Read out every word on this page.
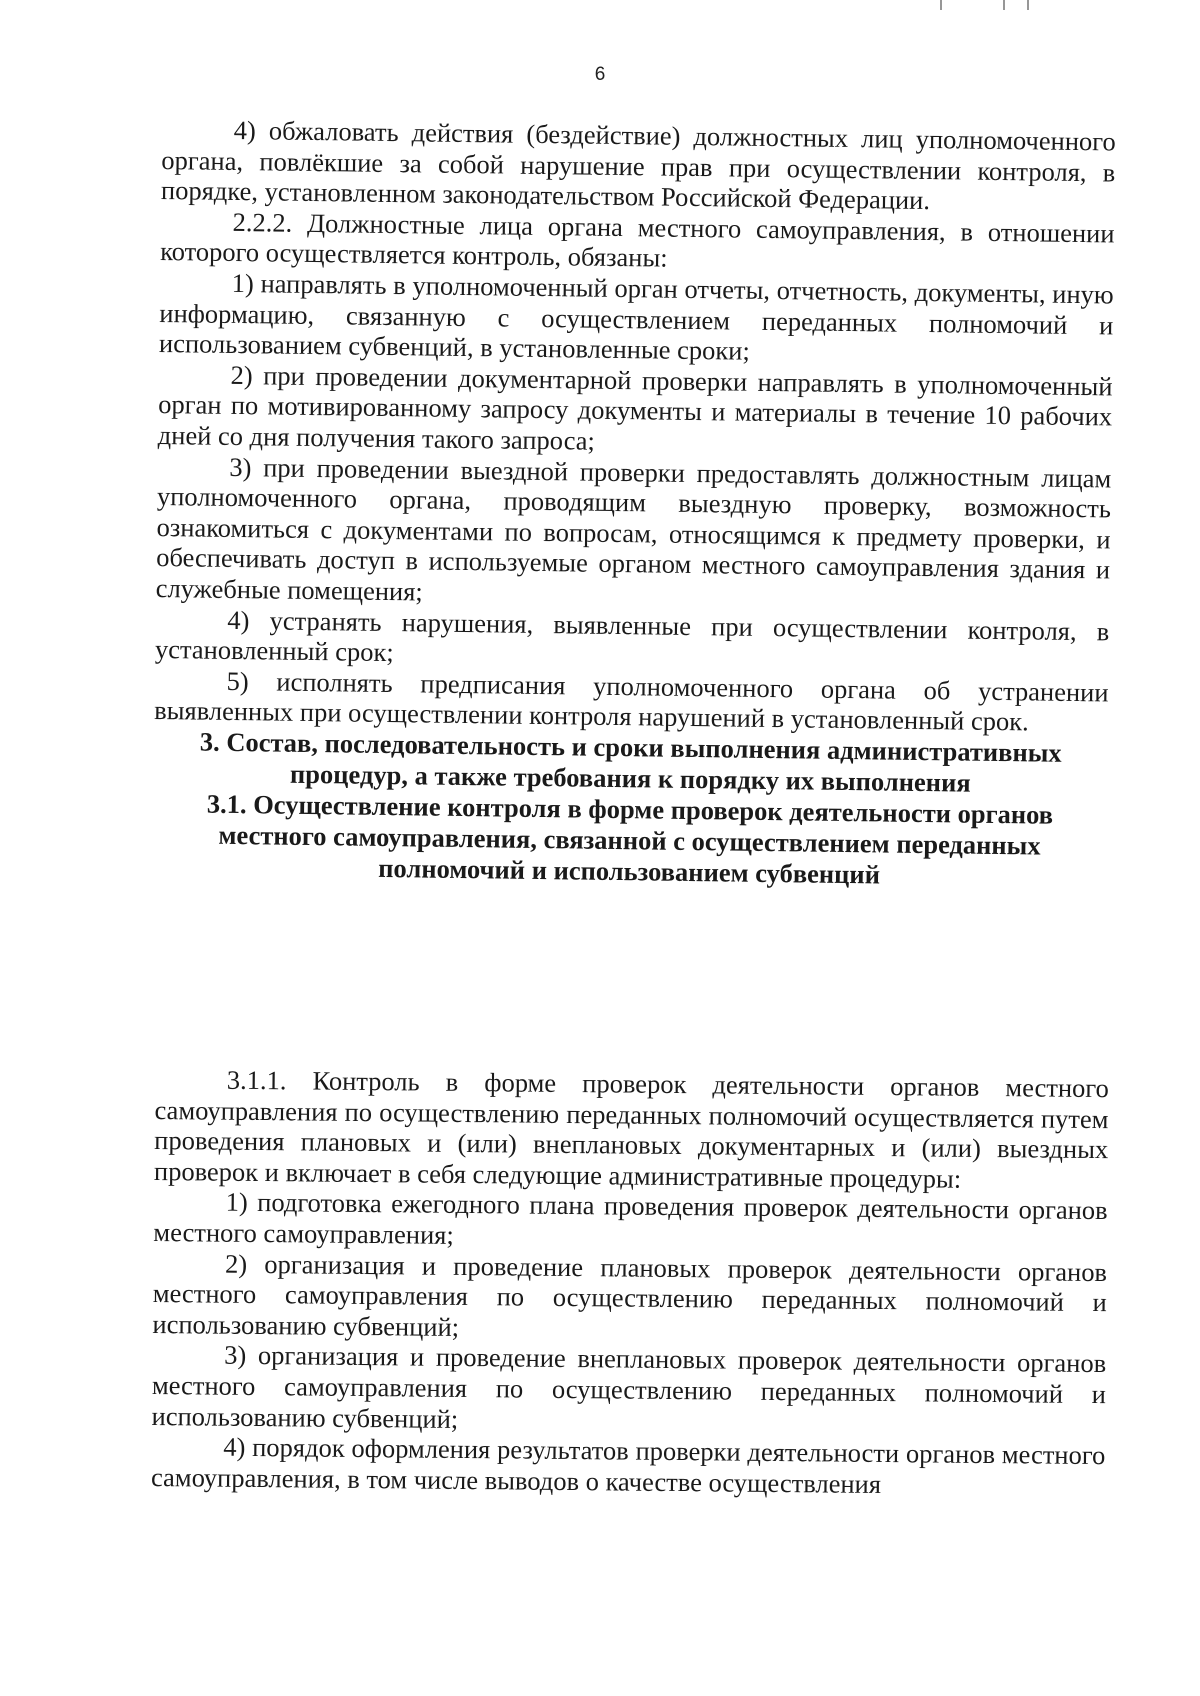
6

4) обжаловать действия (бездействие) должностных лиц уполномоченного органа, повлёкшие за собой нарушение прав при осуществлении контроля, в порядке, установленном законодательством Российской Федерации.

2.2.2. Должностные лица органа местного самоуправления, в отношении которого осуществляется контроль, обязаны:

1) направлять в уполномоченный орган отчеты, отчетность, документы, иную информацию, связанную с осуществлением переданных полномочий и использованием субвенций, в установленные сроки;

2) при проведении документарной проверки направлять в уполномоченный орган по мотивированному запросу документы и материалы в течение 10 рабочих дней со дня получения такого запроса;

3) при проведении выездной проверки предоставлять должностным лицам уполномоченного органа, проводящим выездную проверку, возможность ознакомиться с документами по вопросам, относящимся к предмету проверки, и обеспечивать доступ в используемые органом местного самоуправления здания и служебные помещения;

4) устранять нарушения, выявленные при осуществлении контроля, в установленный срок;

5) исполнять предписания уполномоченного органа об устранении выявленных при осуществлении контроля нарушений в установленный срок.

3. Состав, последовательность и сроки выполнения административных процедур, а также требования к порядку их выполнения
3.1. Осуществление контроля в форме проверок деятельности органов местного самоуправления, связанной с осуществлением переданных полномочий и использованием субвенций

3.1.1. Контроль в форме проверок деятельности органов местного самоуправления по осуществлению переданных полномочий осуществляется путем проведения плановых и (или) внеплановых документарных и (или) выездных проверок и включает в себя следующие административные процедуры:

1) подготовка ежегодного плана проведения проверок деятельности органов местного самоуправления;

2) организация и проведение плановых проверок деятельности органов местного самоуправления по осуществлению переданных полномочий и использованию субвенций;

3) организация и проведение внеплановых проверок деятельности органов местного самоуправления по осуществлению переданных полномочий и использованию субвенций;

4) порядок оформления результатов проверки деятельности органов местного самоуправления, в том числе выводов о качестве осуществления
